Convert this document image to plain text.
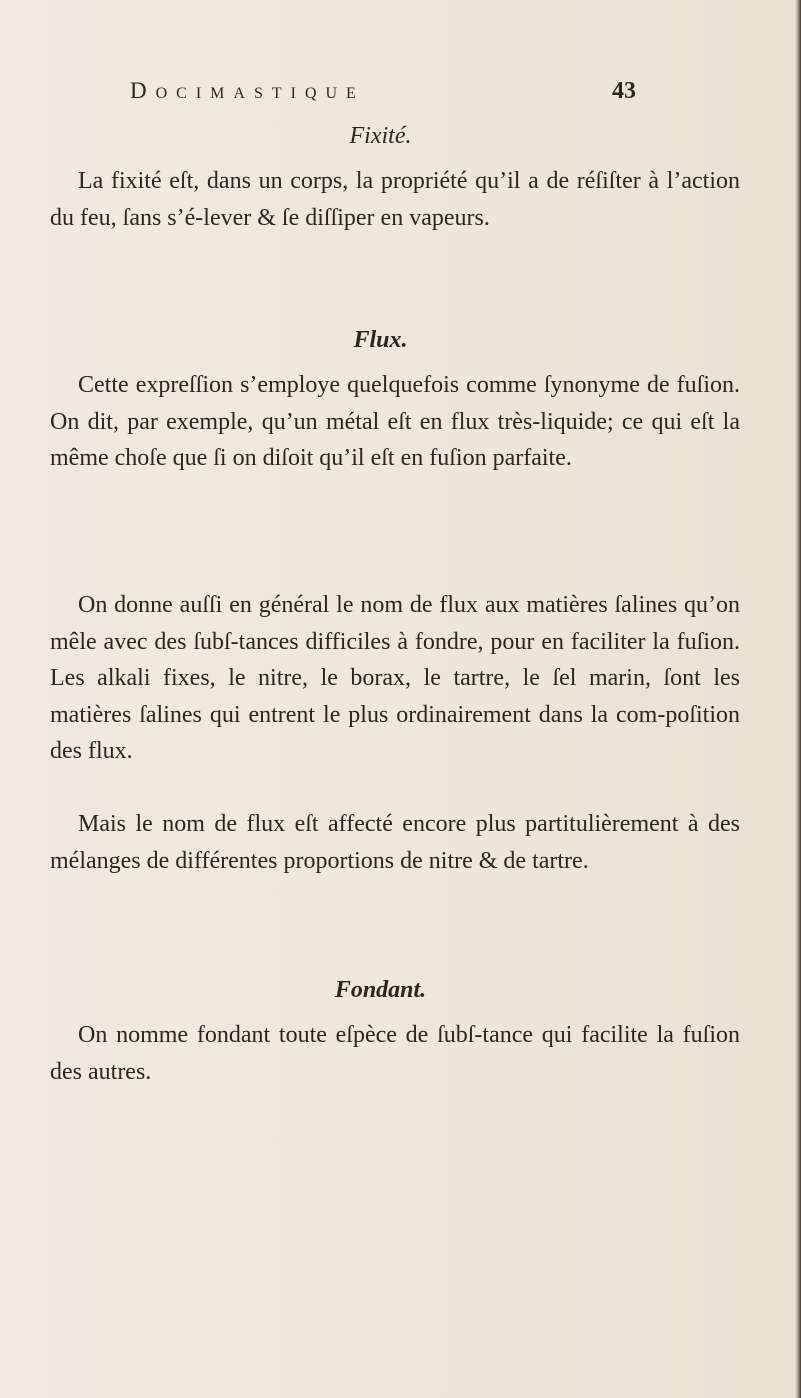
Docimastique	43
Fixité.

La fixité eſt, dans un corps, la propriété qu’il a de réſiſter à l’action du feu, ſans s’é-lever & ſe diſſiper en vapeurs.

Flux.

Cette expreſſion s’employe quelquefois comme ſynonyme de fuſion. On dit, par exemple, qu’un métal eſt en flux très-liquide; ce qui eſt la même choſe que ſi on diſoit qu’il eſt en fuſion parfaite.

On donne auſſi en général le nom de flux aux matières ſalines qu’on mêle avec des ſubſ-tances difficiles à fondre, pour en faciliter la fuſion. Les alkali fixes, le nitre, le borax, le tartre, le ſel marin, ſont les matières ſalines qui entrent le plus ordinairement dans la com-poſition des flux.

Mais le nom de flux eſt affecté encore plus partitulièrement à des mélanges de différentes proportions de nitre & de tartre.

Fondant.

On nomme fondant toute eſpèce de ſubſ-tance qui facilite la fuſion des autres.
